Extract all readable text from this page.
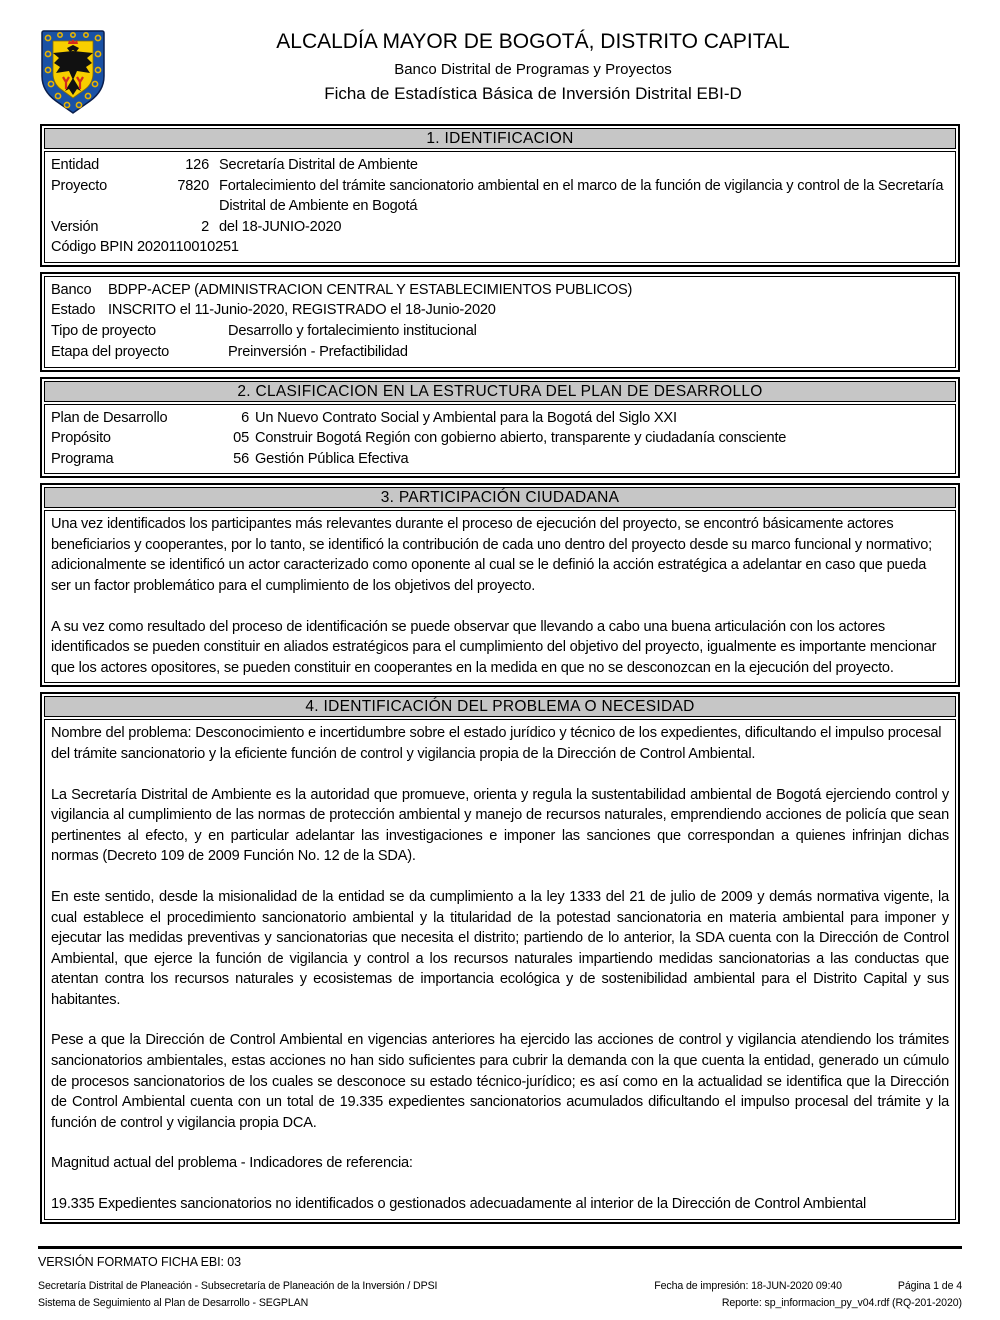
ALCALDÍA MAYOR DE BOGOTÁ, DISTRITO CAPITAL
Banco Distrital de Programas y Proyectos
Ficha de Estadística Básica de Inversión Distrital EBI-D
1. IDENTIFICACION
Entidad	126 Secretaría Distrital de Ambiente
Proyecto	7820 Fortalecimiento del trámite sancionatorio ambiental en el marco de la función de vigilancia y control de la Secretaría Distrital de Ambiente en Bogotá
Versión	2 del 18-JUNIO-2020
Código BPIN 2020110010251
Banco	BDPP-ACEP (ADMINISTRACION CENTRAL Y ESTABLECIMIENTOS PUBLICOS)
Estado INSCRITO el 11-Junio-2020, REGISTRADO el 18-Junio-2020
Tipo de proyecto	Desarrollo y fortalecimiento institucional
Etapa del proyecto	Preinversión - Prefactibilidad
2. CLASIFICACION EN LA ESTRUCTURA DEL PLAN DE DESARROLLO
Plan de Desarrollo	6 Un Nuevo Contrato Social y Ambiental para la Bogotá del Siglo XXI
Propósito	05 Construir Bogotá Región con gobierno abierto, transparente y ciudadanía consciente
Programa	56 Gestión Pública Efectiva
3. PARTICIPACIÓN CIUDADANA

Una vez identificados los participantes más relevantes durante el proceso de ejecución del proyecto, se encontró básicamente actores beneficiarios y cooperantes, por lo tanto, se identificó la contribución de cada uno dentro del proyecto desde su marco funcional y normativo; adicionalmente se identificó un actor caracterizado como oponente al cual se le definió la acción estratégica a adelantar en caso que pueda ser un factor problemático para el cumplimiento de los objetivos del proyecto.

A su vez como resultado del proceso de identificación se puede observar que llevando a cabo una buena articulación con los actores identificados se pueden constituir en aliados estratégicos para el cumplimiento del objetivo del proyecto, igualmente es importante mencionar que los actores opositores, se pueden constituir en cooperantes en la medida en que no se desconozcan en la ejecución del proyecto.

4. IDENTIFICACIÓN DEL PROBLEMA O NECESIDAD

Nombre del problema: Desconocimiento e incertidumbre sobre el estado jurídico y técnico de los expedientes, dificultando el impulso procesal del trámite sancionatorio y la eficiente función de control y vigilancia propia de la Dirección de Control Ambiental.

La Secretaría Distrital de Ambiente es la autoridad que promueve, orienta y regula la sustentabilidad ambiental de Bogotá ejerciendo control y vigilancia al cumplimiento de las normas de protección ambiental y manejo de recursos naturales, emprendiendo acciones de policía que sean pertinentes al efecto, y en particular adelantar las investigaciones e imponer las sanciones que correspondan a quienes infrinjan dichas normas (Decreto 109 de 2009 Función No. 12 de la SDA).

En este sentido, desde la misionalidad de la entidad se da cumplimiento a la ley 1333 del 21 de julio de 2009 y demás normativa vigente, la cual establece el procedimiento sancionatorio ambiental y la titularidad de la potestad sancionatoria en materia ambiental para imponer y ejecutar las medidas preventivas y sancionatorias que necesita el distrito; partiendo de lo anterior, la SDA cuenta con la Dirección de Control Ambiental, que ejerce la función de vigilancia y control a los recursos naturales impartiendo medidas sancionatorias a las conductas que atentan contra los recursos naturales y ecosistemas de importancia ecológica y de sostenibilidad ambiental para el Distrito Capital y sus habitantes.

Pese a que la Dirección de Control Ambiental en vigencias anteriores ha ejercido las acciones de control y vigilancia atendiendo los trámites sancionatorios ambientales, estas acciones no han sido suficientes para cubrir la demanda con la que cuenta la entidad, generado un cúmulo de procesos sancionatorios de los cuales se desconoce su estado técnico-jurídico; es así como en la actualidad se identifica que la Dirección de Control Ambiental cuenta con un total de 19.335 expedientes sancionatorios acumulados dificultando el impulso procesal del trámite y la función de control y vigilancia propia DCA.

Magnitud actual del problema - Indicadores de referencia:

19.335 Expedientes sancionatorios no identificados o gestionados adecuadamente al interior de la Dirección de Control Ambiental

VERSIÓN FORMATO FICHA EBI: 03
Secretaría Distrital de Planeación - Subsecretaría de Planeación de la Inversión / DPSI	Fecha de impresión: 18-JUN-2020 09:40	Página 1 de 4
Sistema de Seguimiento al Plan de Desarrollo - SEGPLAN	Reporte: sp_informacion_py_v04.rdf (RQ-201-2020)
